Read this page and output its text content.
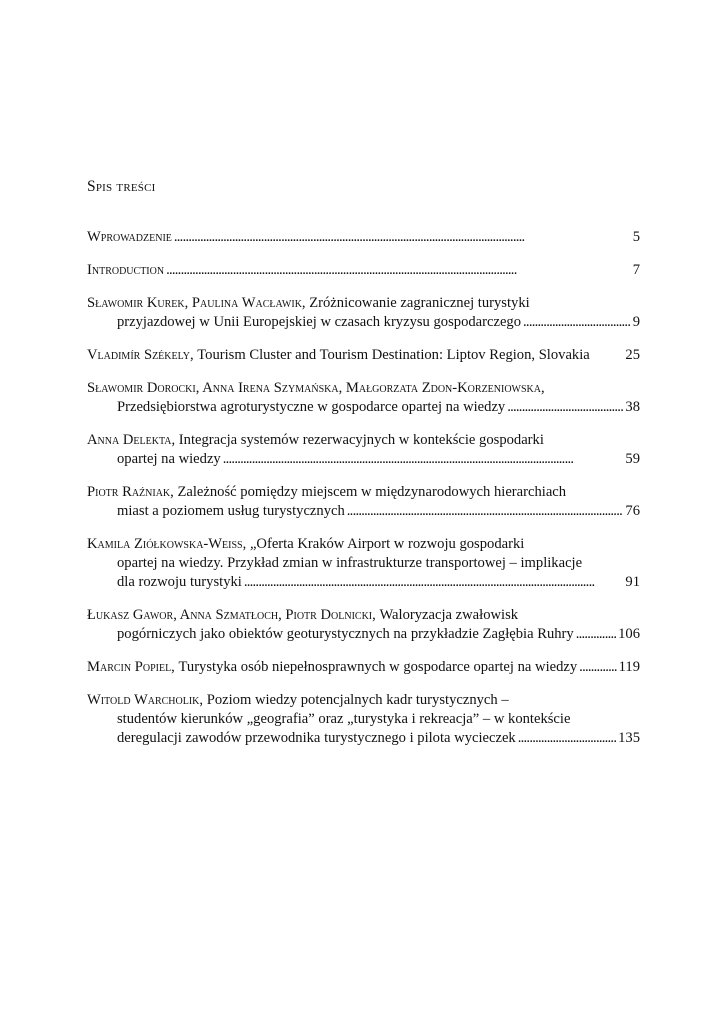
Spis treści
Wprowadzenie . . .	5
Introduction . . .	7
Sławomir Kurek, Paulina Wacławik,
Zróżnicowanie zagranicznej turystyki
przyjazdowej w Unii Europejskiej w czasach kryzysu gospodarczego . . .	9
Vladimír Székely,
Tourism Cluster and Tourism Destination: Liptov Region, Slovakia 25
Sławomir Dorocki, Anna Irena Szymańska, Małgorzata Zdon-Korzeniowska,
Przedsiębiorstwa agroturystyczne w gospodarce opartej na wiedzy . . .	38
Anna Delekta,
Integracja systemów rezerwacyjnych w kontekście gospodarki
opartej na wiedzy . . .	59
Piotr Raźniak,
Zależność pomiędzy miejscem w międzynarodowych hierarchiach
miast a poziomem usług turystycznych . . .	76
Kamila Ziółkowska-Weiss,
„Oferta Kraków Airport w rozwoju gospodarki
opartej na wiedzy. Przykład zmian w infrastrukturze transportowej – implikacje
dla rozwoju turystyki . . .	91
Łukasz Gawor, Anna Szmatłoch, Piotr Dolnicki,
Waloryzacja zwałowisk
pogórniczych jako obiektów geoturystycznych na przykładzie Zagłębia Ruhry . . .	106
Marcin Popiel,
Turystyka osób niepełnosprawnych w gospodarce opartej na wiedzy . . .	119
Witold Warcholik,
Poziom wiedzy potencjalnych kadr turystycznych –
studentów kierunków „geografia” oraz „turystyka i rekreacja” – w kontekście
deregulacji zawodów przewodnika turystycznego i pilota wycieczek . . .	135
